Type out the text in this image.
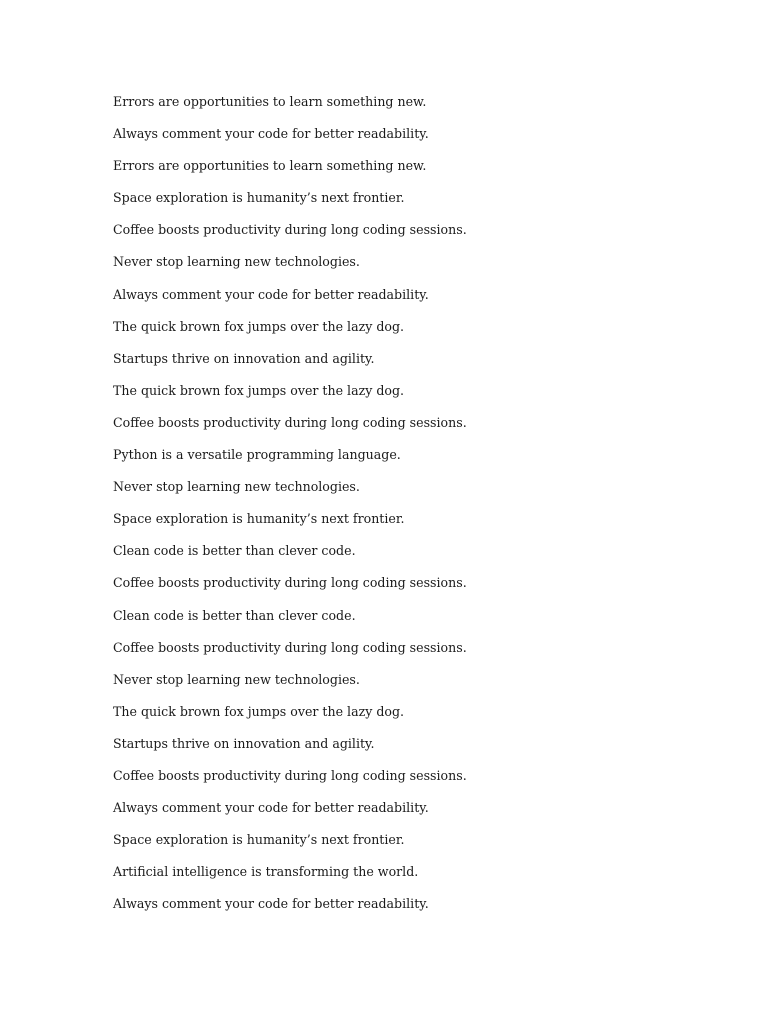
Errors are opportunities to learn something new.
Always comment your code for better readability.
Errors are opportunities to learn something new.
Space exploration is humanity’s next frontier.
Coffee boosts productivity during long coding sessions.
Never stop learning new technologies.
Always comment your code for better readability.
The quick brown fox jumps over the lazy dog.
Startups thrive on innovation and agility.
The quick brown fox jumps over the lazy dog.
Coffee boosts productivity during long coding sessions.
Python is a versatile programming language.
Never stop learning new technologies.
Space exploration is humanity’s next frontier.
Clean code is better than clever code.
Coffee boosts productivity during long coding sessions.
Clean code is better than clever code.
Coffee boosts productivity during long coding sessions.
Never stop learning new technologies.
The quick brown fox jumps over the lazy dog.
Startups thrive on innovation and agility.
Coffee boosts productivity during long coding sessions.
Always comment your code for better readability.
Space exploration is humanity’s next frontier.
Artificial intelligence is transforming the world.
Always comment your code for better readability.
